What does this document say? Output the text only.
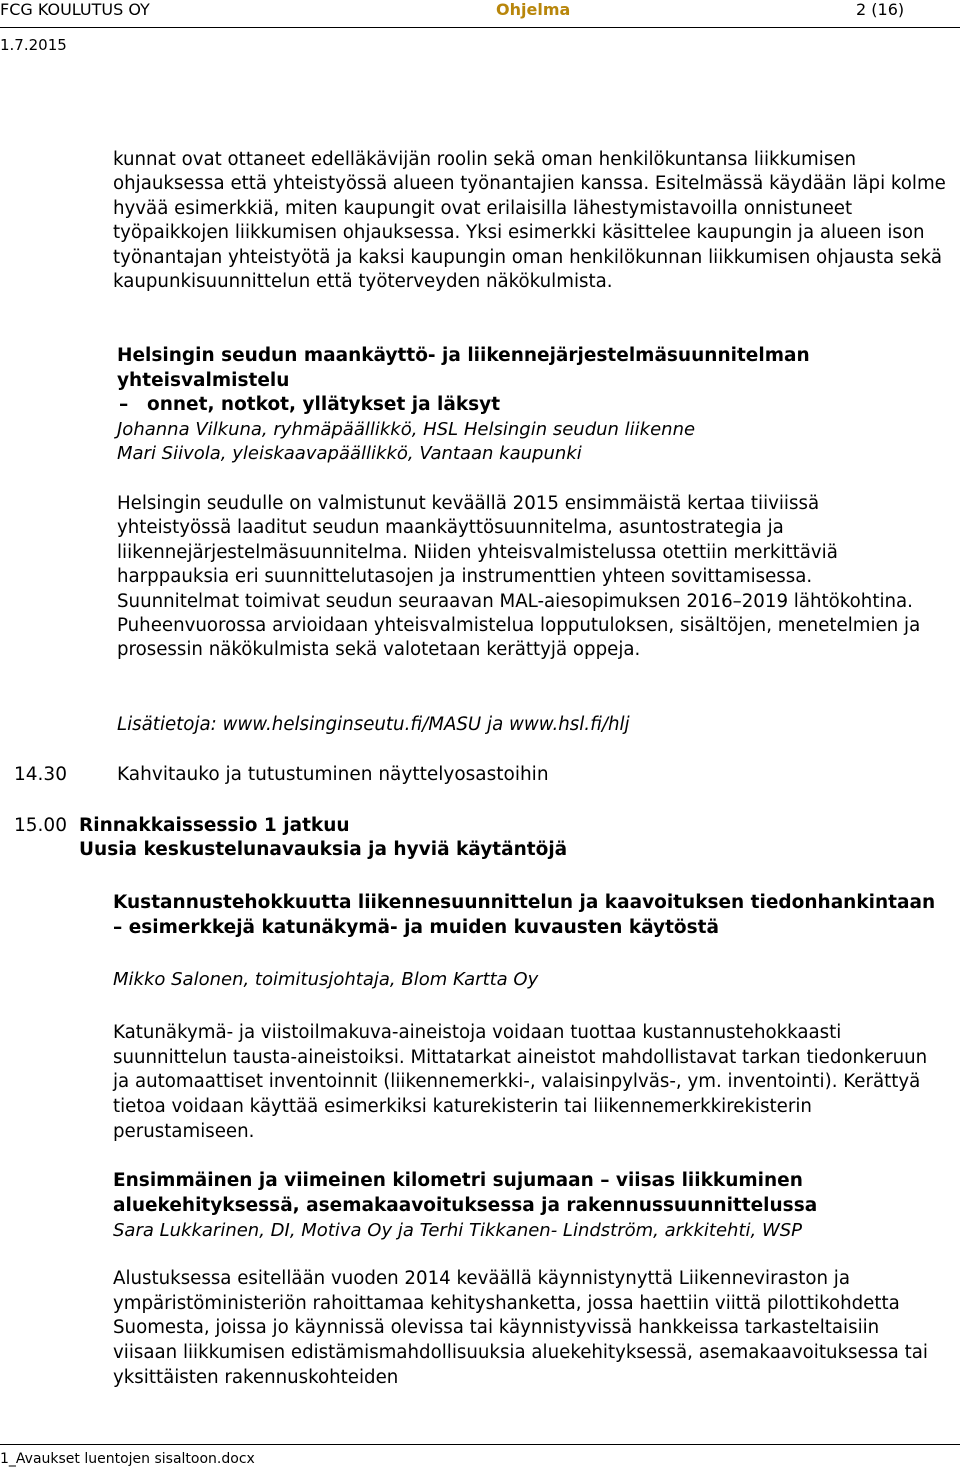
FCG KOULUTUS OY	Ohjelma	2 (16)
1.7.2015

kunnat ovat ottaneet edelläkävijän roolin sekä oman henkilökuntansa liikkumisen ohjauksessa että yhteistyössä alueen työnantajien kanssa. Esitelmässä käydään läpi kolme hyvää esimerkkiä, miten kaupungit ovat erilaisilla lähestymistavoilla onnistuneet työpaikkojen liikkumisen ohjauksessa. Yksi esimerkki käsittelee kaupungin ja alueen ison työnantajan yhteistyötä ja kaksi kaupungin oman henkilökunnan liikkumisen ohjausta sekä kaupunkisuunnittelun että työterveyden näkökulmista.

Helsingin seudun maankäyttö- ja liikennejärjestelmäsuunnitelman yhteisvalmistelu

– onnet, notkot, yllätykset ja läksyt

Johanna Vilkuna, ryhmäpäällikkö, HSL Helsingin seudun liikenne

Mari Siivola, yleiskaavapäällikkö, Vantaan kaupunki

Helsingin seudulle on valmistunut keväällä 2015 ensimmäistä kertaa tiiviissä yhteistyössä laaditut seudun maankäyttösuunnitelma, asuntostrategia ja liikennejärjestelmäsuunnitelma. Niiden yhteisvalmistelussa otettiin merkittäviä harppauksia eri suunnittelutasojen ja instrumenttien yhteen sovittamisessa. Suunnitelmat toimivat seudun seuraavan MAL-aiesopimuksen 2016–2019 lähtökohtina. Puheenvuorossa arvioidaan yhteisvalmistelua lopputuloksen, sisältöjen, menetelmien ja prosessin näkökulmista sekä valotetaan kerättyjä oppeja.

Lisätietoja: www.helsinginseutu.fi/MASU ja www.hsl.fi/hlj

14.30	Kahvitauko ja tutustuminen näyttelyosastoihin
15.00 Rinnakkaissessio 1 jatkuu
Uusia keskustelunavauksia ja hyviä käytäntöjä

Kustannustehokkuutta liikennesuunnittelun ja kaavoituksen tiedonhankintaan – esimerkkejä katunäkymä- ja muiden kuvausten käytöstä

Mikko Salonen, toimitusjohtaja, Blom Kartta Oy

Katunäkymä- ja viistoilmakuva-aineistoja voidaan tuottaa kustannustehokkaasti suunnittelun tausta-aineistoiksi. Mittatarkat aineistot mahdollistavat tarkan tiedonkeruun ja automaattiset inventoinnit (liikennemerkki-, valaisinpylväs-, ym. inventointi). Kerättyä tietoa voidaan käyttää esimerkiksi katurekisterin tai liikennemerkkirekisterin perustamiseen.

Ensimmäinen ja viimeinen kilometri sujumaan – viisas liikkuminen aluekehityksessä, asemakaavoituksessa ja rakennussuunnittelussa

Sara Lukkarinen, DI, Motiva Oy ja Terhi Tikkanen- Lindström, arkkitehti, WSP

Alustuksessa esitellään vuoden 2014 keväällä käynnistynyttä Liikenneviraston ja ympäristöministeriön rahoittamaa kehityshanketta, jossa haettiin viittä pilottikohdetta Suomesta, joissa jo käynnissä olevissa tai käynnistyvissä hankkeissa tarkasteltaisiin viisaan liikkumisen edistämismahdollisuuksia aluekehityksessä, asemakaavoituksessa tai yksittäisten rakennuskohteiden

1_Avaukset luentojen sisaltoon.docx
